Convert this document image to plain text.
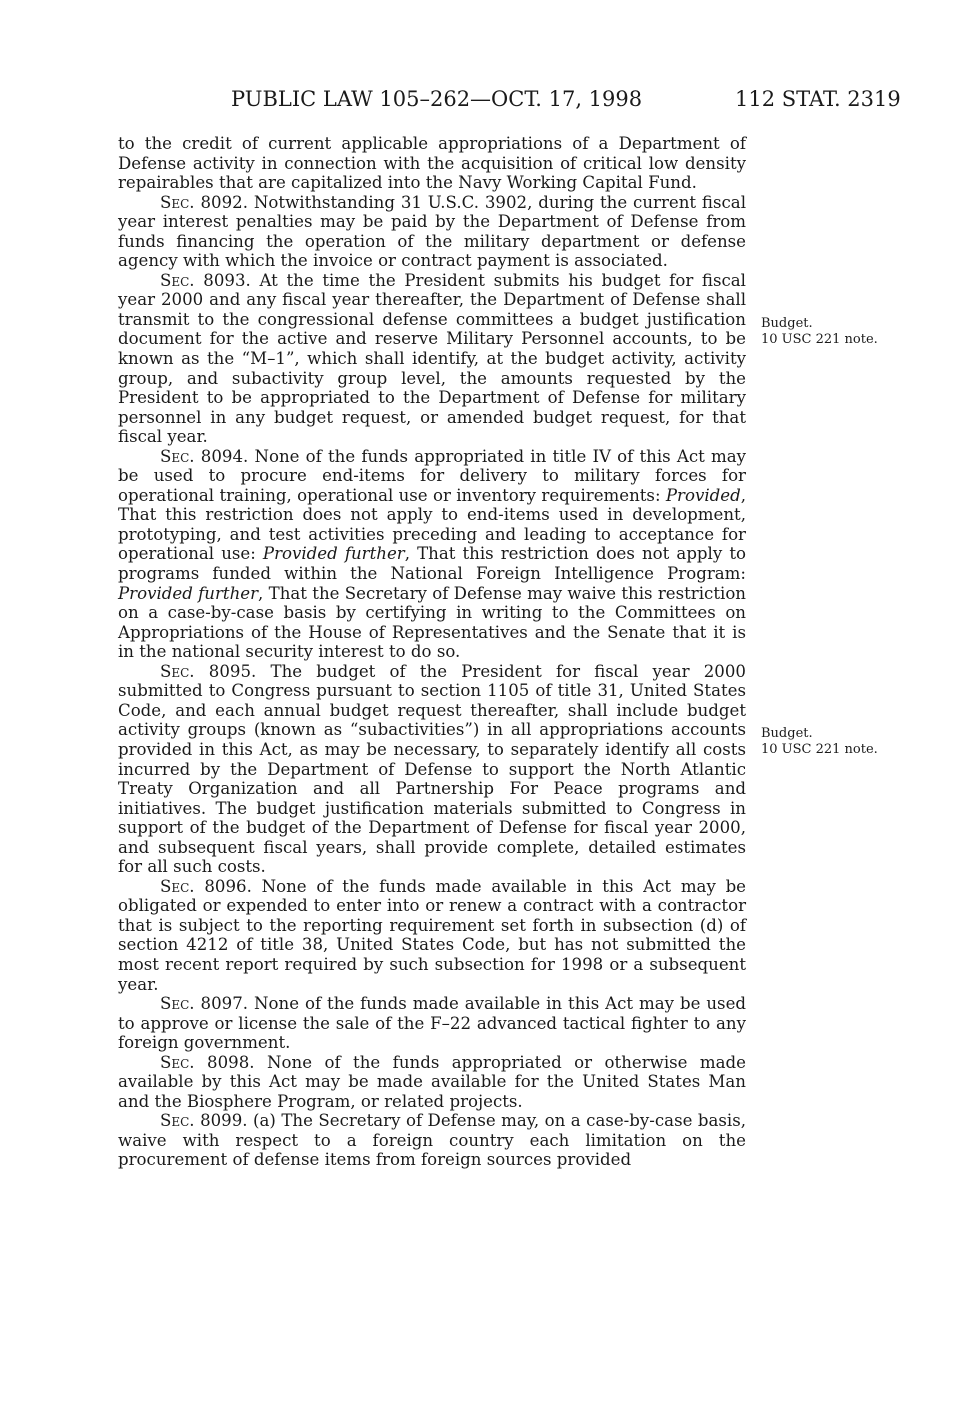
PUBLIC LAW 105–262—OCT. 17, 1998	112 STAT. 2319
Budget.
10 USC 221 note.
Budget.
10 USC 221 note.

to the credit of current applicable appropriations of a Department of Defense activity in connection with the acquisition of critical low density repairables that are capitalized into the Navy Working Capital Fund.

Sec. 8092. Notwithstanding 31 U.S.C. 3902, during the current fiscal year interest penalties may be paid by the Department of Defense from funds financing the operation of the military department or defense agency with which the invoice or contract payment is associated.

Sec. 8093. At the time the President submits his budget for fiscal year 2000 and any fiscal year thereafter, the Department of Defense shall transmit to the congressional defense committees a budget justification document for the active and reserve Military Personnel accounts, to be known as the “M–1”, which shall identify, at the budget activity, activity group, and subactivity group level, the amounts requested by the President to be appropriated to the Department of Defense for military personnel in any budget request, or amended budget request, for that fiscal year.

Sec. 8094. None of the funds appropriated in title IV of this Act may be used to procure end-items for delivery to military forces for operational training, operational use or inventory requirements: Provided, That this restriction does not apply to end-items used in development, prototyping, and test activities preceding and leading to acceptance for operational use: Provided further, That this restriction does not apply to programs funded within the National Foreign Intelligence Program: Provided further, That the Secretary of Defense may waive this restriction on a case-by-case basis by certifying in writing to the Committees on Appropriations of the House of Representatives and the Senate that it is in the national security interest to do so.

Sec. 8095. The budget of the President for fiscal year 2000 submitted to Congress pursuant to section 1105 of title 31, United States Code, and each annual budget request thereafter, shall include budget activity groups (known as “subactivities”) in all appropriations accounts provided in this Act, as may be necessary, to separately identify all costs incurred by the Department of Defense to support the North Atlantic Treaty Organization and all Partnership For Peace programs and initiatives. The budget justification materials submitted to Congress in support of the budget of the Department of Defense for fiscal year 2000, and subsequent fiscal years, shall provide complete, detailed estimates for all such costs.

Sec. 8096. None of the funds made available in this Act may be obligated or expended to enter into or renew a contract with a contractor that is subject to the reporting requirement set forth in subsection (d) of section 4212 of title 38, United States Code, but has not submitted the most recent report required by such subsection for 1998 or a subsequent year.

Sec. 8097. None of the funds made available in this Act may be used to approve or license the sale of the F–22 advanced tactical fighter to any foreign government.

Sec. 8098. None of the funds appropriated or otherwise made available by this Act may be made available for the United States Man and the Biosphere Program, or related projects.

Sec. 8099. (a) The Secretary of Defense may, on a case-by-case basis, waive with respect to a foreign country each limitation on the procurement of defense items from foreign sources provided
